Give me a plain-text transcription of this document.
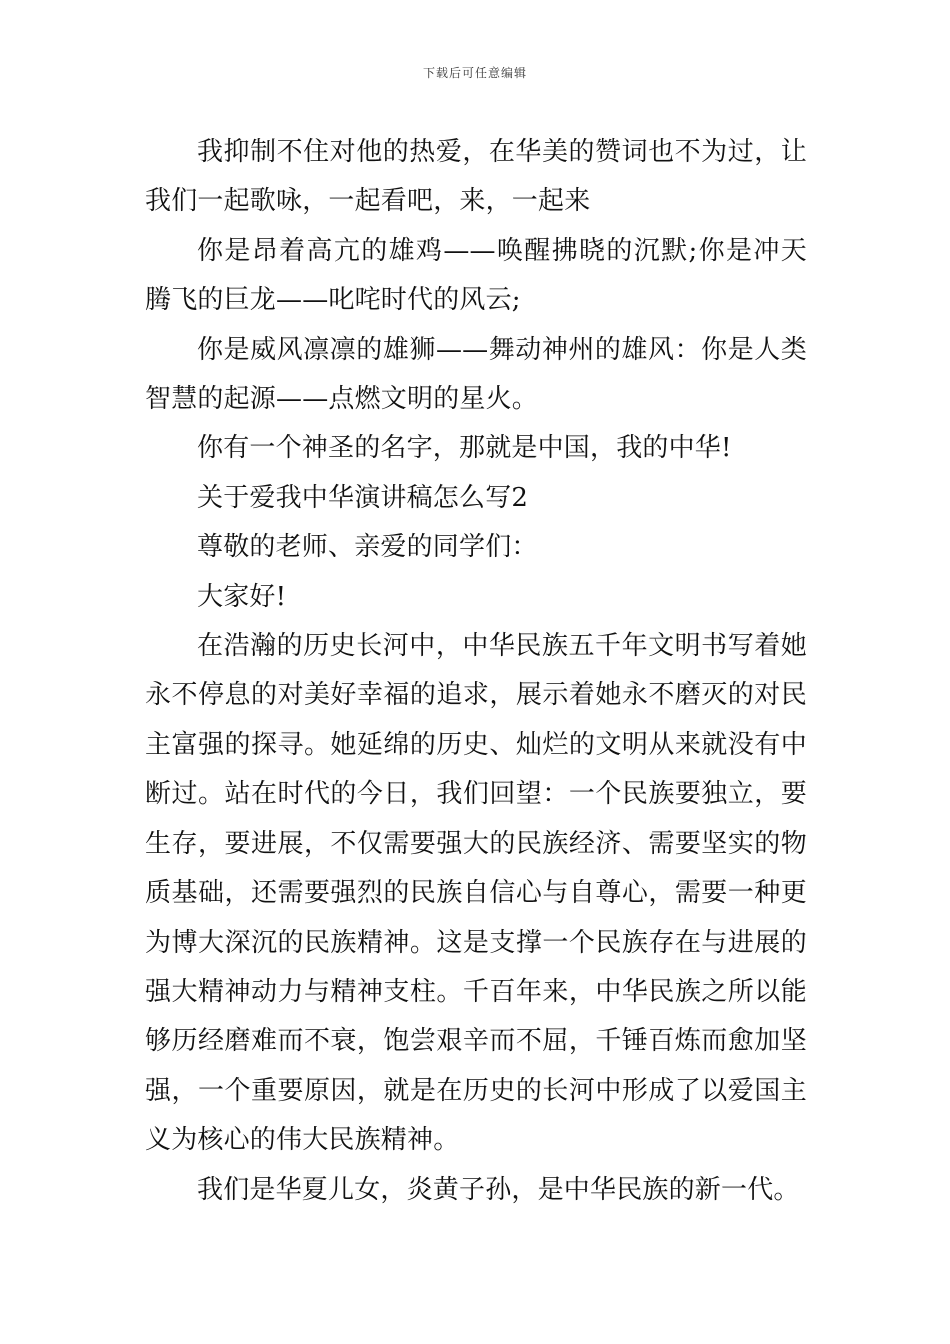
下载后可任意编辑

我抑制不住对他的热爱，在华美的赞词也不为过，让我们一起歌咏，一起看吧，来，一起来

你是昂着高亢的雄鸡——唤醒拂晓的沉默;你是冲天腾飞的巨龙——叱咤时代的风云;

你是威风凛凛的雄狮——舞动神州的雄风：你是人类智慧的起源——点燃文明的星火。

你有一个神圣的名字，那就是中国，我的中华!

关于爱我中华演讲稿怎么写2

尊敬的老师、亲爱的同学们：

大家好!

在浩瀚的历史长河中，中华民族五千年文明书写着她永不停息的对美好幸福的追求，展示着她永不磨灭的对民主富强的探寻。她延绵的历史、灿烂的文明从来就没有中断过。站在时代的今日，我们回望：一个民族要独立，要生存，要进展，不仅需要强大的民族经济、需要坚实的物质基础，还需要强烈的民族自信心与自尊心，需要一种更为博大深沉的民族精神。这是支撑一个民族存在与进展的强大精神动力与精神支柱。千百年来，中华民族之所以能够历经磨难而不衰，饱尝艰辛而不屈，千锤百炼而愈加坚强，一个重要原因，就是在历史的长河中形成了以爱国主义为核心的伟大民族精神。

我们是华夏儿女，炎黄子孙，是中华民族的新一代。
